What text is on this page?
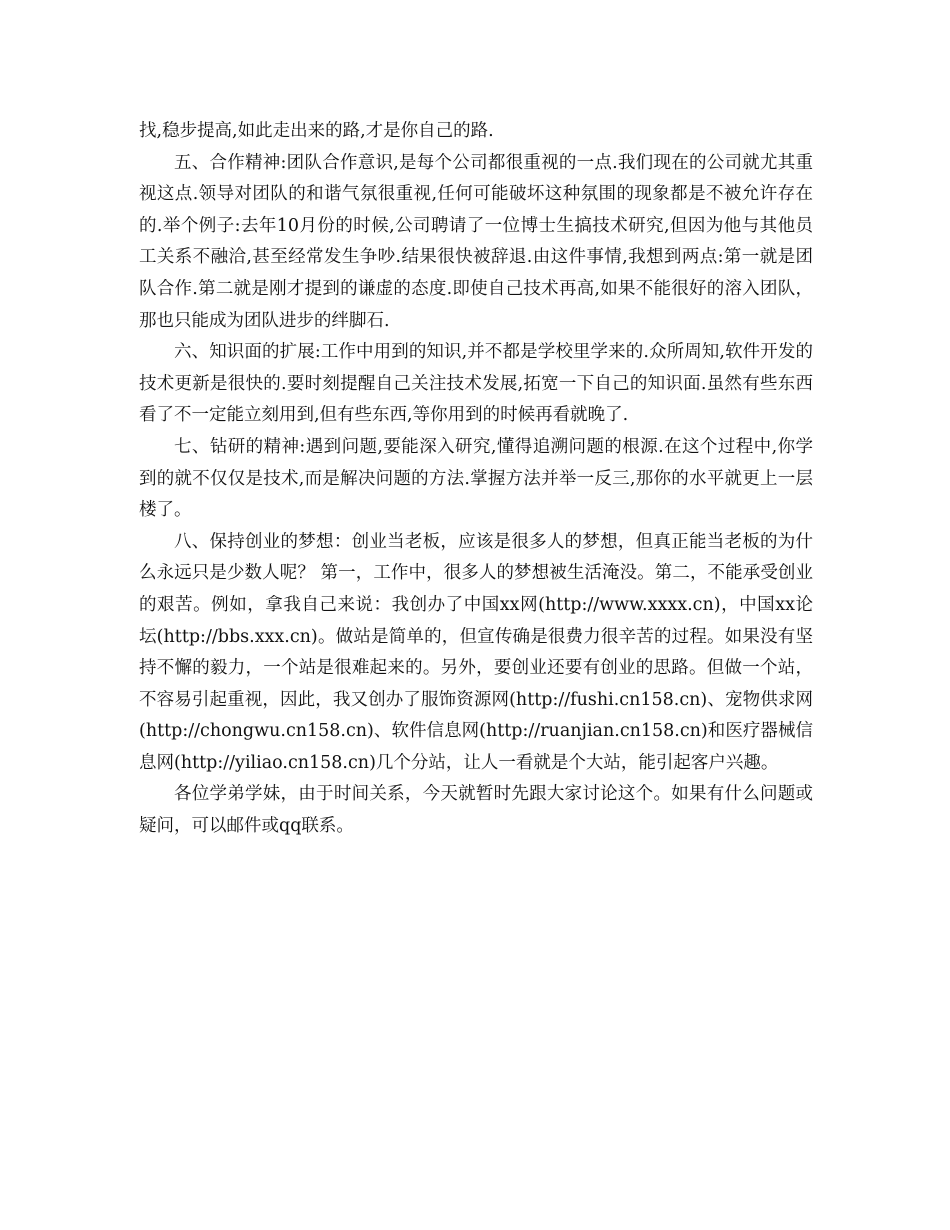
找,稳步提高,如此走出来的路,才是你自己的路.

五、合作精神:团队合作意识,是每个公司都很重视的一点.我们现在的公司就尤其重视这点.领导对团队的和谐气氛很重视,任何可能破坏这种氛围的现象都是不被允许存在的.举个例子:去年10月份的时候,公司聘请了一位博士生搞技术研究,但因为他与其他员工关系不融洽,甚至经常发生争吵.结果很快被辞退.由这件事情,我想到两点:第一就是团队合作.第二就是刚才提到的谦虚的态度.即使自己技术再高,如果不能很好的溶入团队，那也只能成为团队进步的绊脚石.

六、知识面的扩展:工作中用到的知识,并不都是学校里学来的.众所周知,软件开发的技术更新是很快的.要时刻提醒自己关注技术发展,拓宽一下自己的知识面.虽然有些东西看了不一定能立刻用到,但有些东西,等你用到的时候再看就晚了.

七、钻研的精神:遇到问题,要能深入研究,懂得追溯问题的根源.在这个过程中,你学到的就不仅仅是技术,而是解决问题的方法.掌握方法并举一反三,那你的水平就更上一层楼了。

八、保持创业的梦想：创业当老板，应该是很多人的梦想，但真正能当老板的为什么永远只是少数人呢？ 第一，工作中，很多人的梦想被生活淹没。第二，不能承受创业的艰苦。例如，拿我自己来说：我创办了中国xx网(http://www.xxxx.cn)，中国xx论坛(http://bbs.xxx.cn)。做站是简单的，但宣传确是很费力很辛苦的过程。如果没有坚持不懈的毅力，一个站是很难起来的。另外，要创业还要有创业的思路。但做一个站，不容易引起重视，因此，我又创办了服饰资源网(http://fushi.cn158.cn)、宠物供求网(http://chongwu.cn158.cn)、软件信息网(http://ruanjian.cn158.cn)和医疗器械信息网(http://yiliao.cn158.cn)几个分站，让人一看就是个大站，能引起客户兴趣。

各位学弟学妹，由于时间关系，今天就暂时先跟大家讨论这个。如果有什么问题或疑问，可以邮件或qq联系。
